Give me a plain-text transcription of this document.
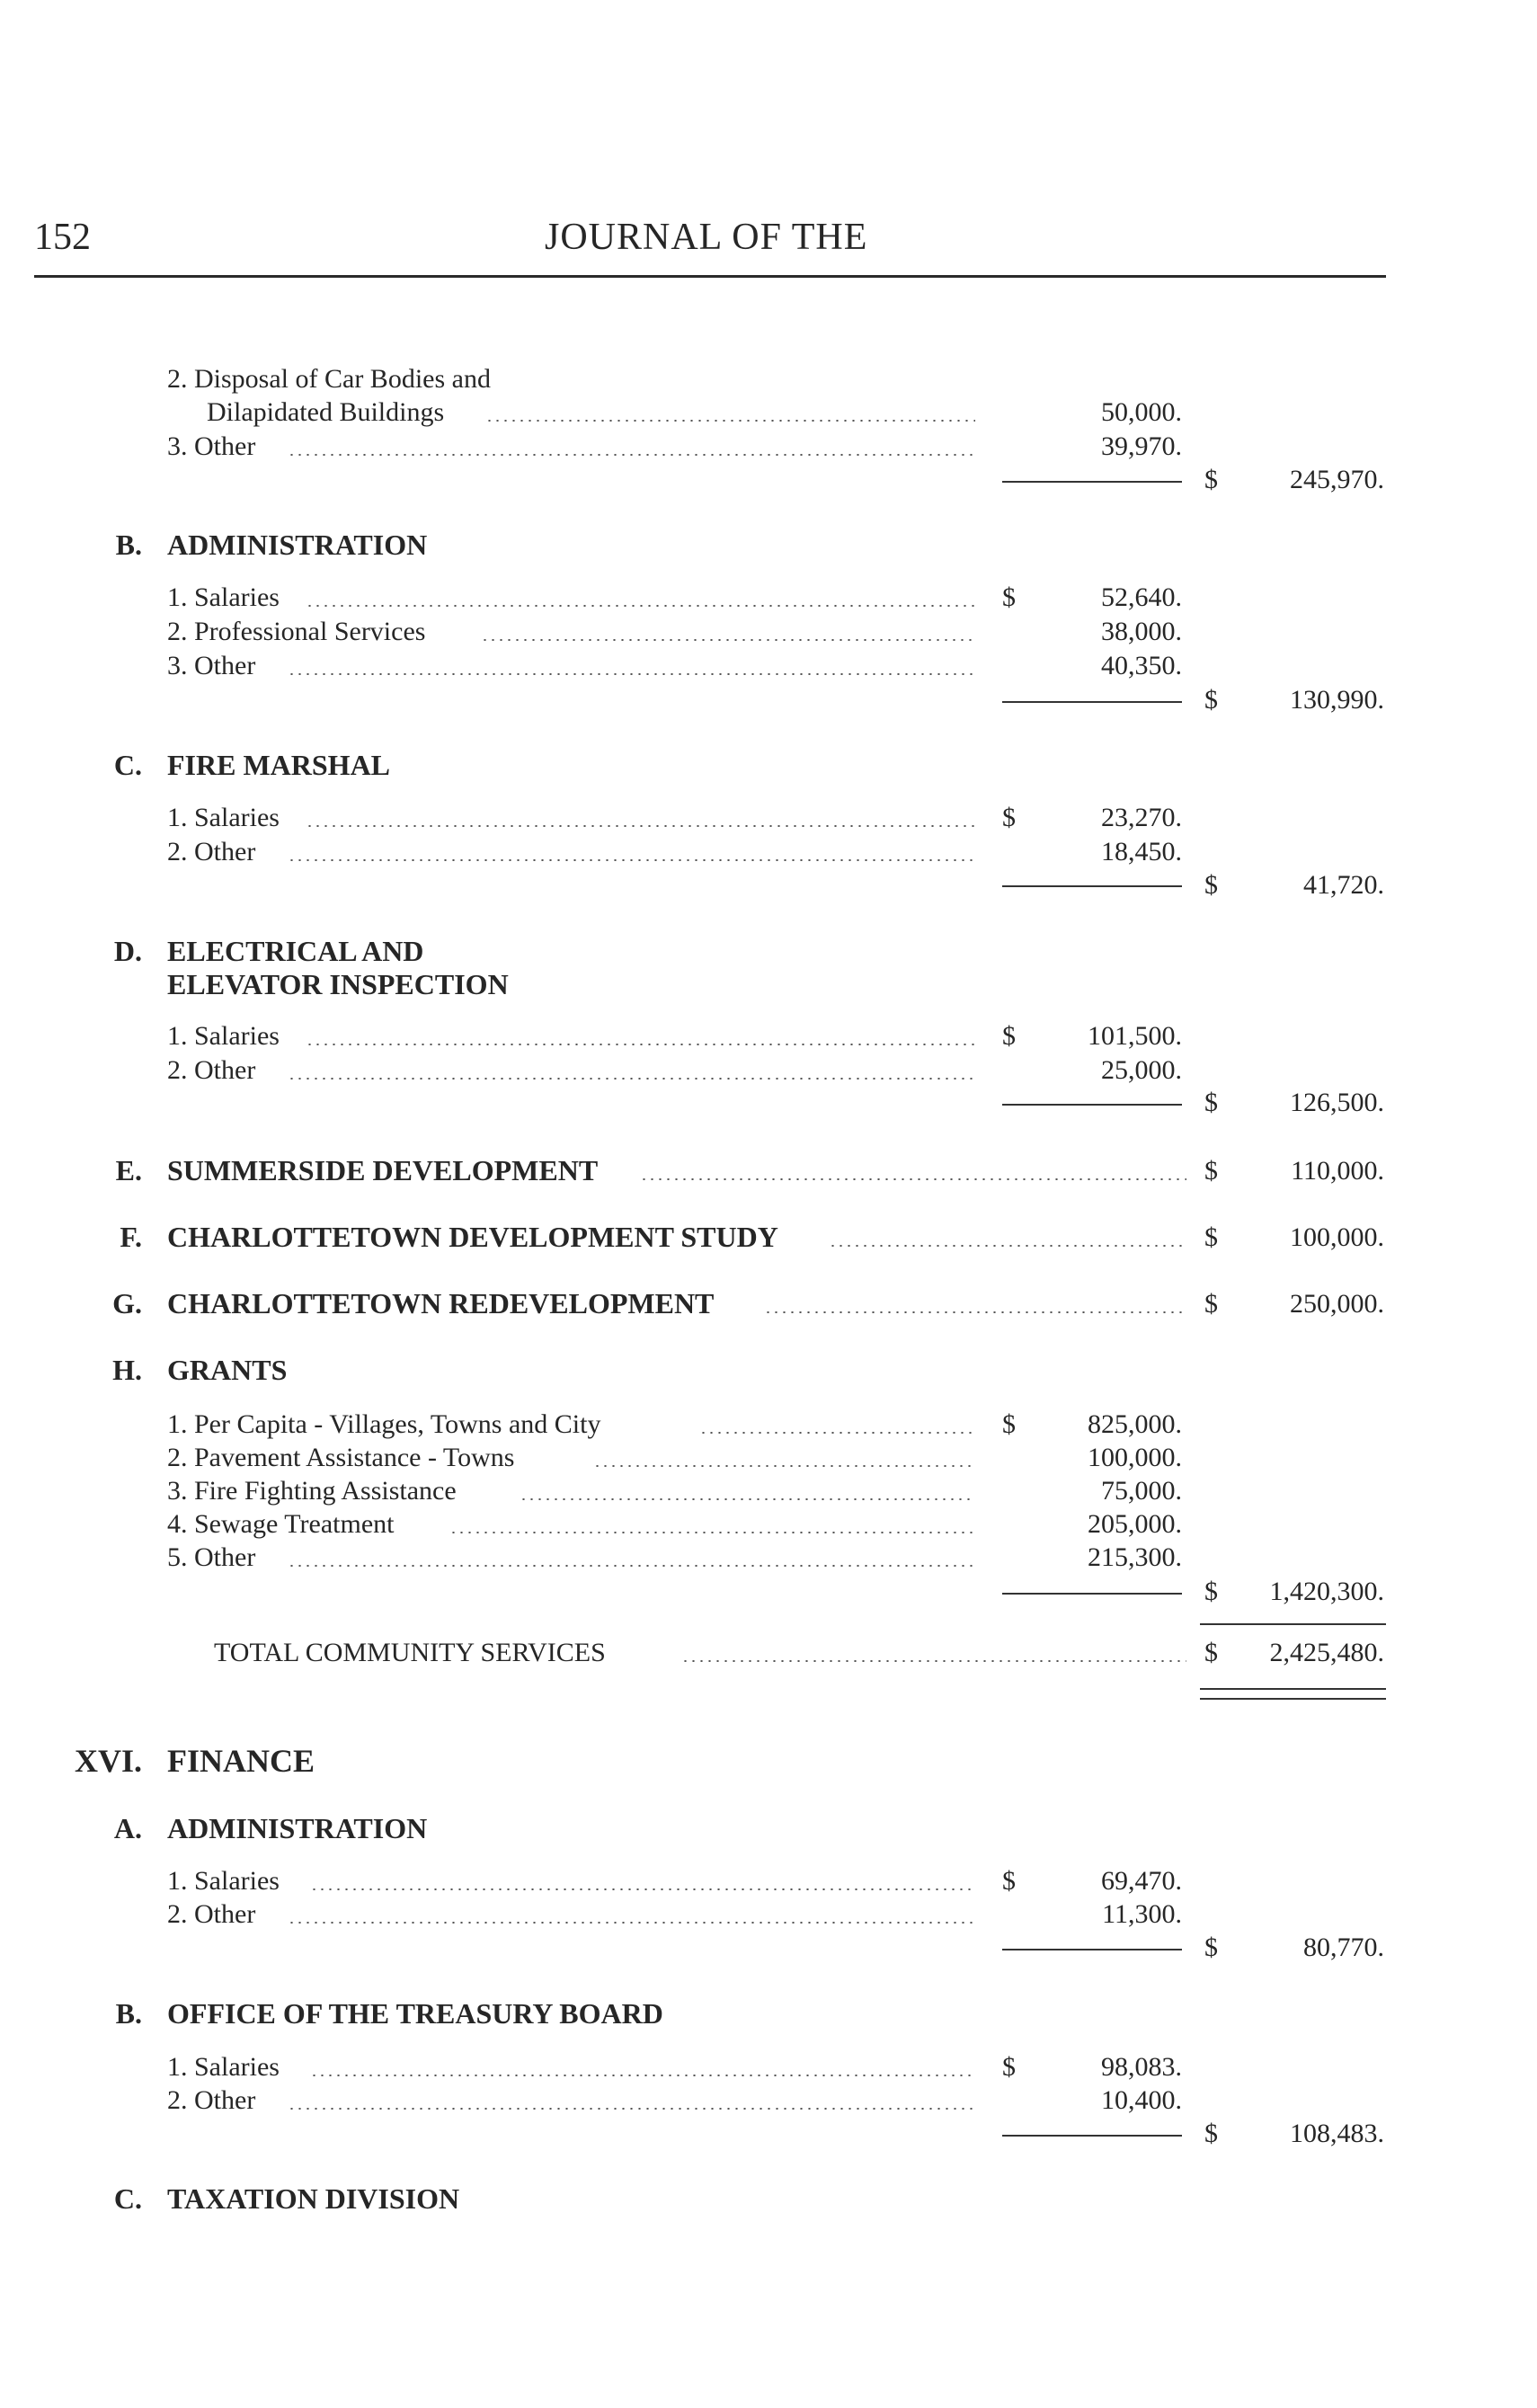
152	JOURNAL OF THE
2. Disposal of Car Bodies and
Dilapidated Buildings	50,000.
3. Other	39,970.
$	245,970.
B. ADMINISTRATION
1. Salaries	$	52,640.
2. Professional Services	38,000.
3. Other	40,350.
$	130,990.
C. FIRE MARSHAL
1. Salaries	$	23,270.
2. Other	18,450.
$	41,720.
D. ELECTRICAL AND
ELEVATOR INSPECTION
1. Salaries	$	101,500.
2. Other	25,000.
$	126,500.
E. SUMMERSIDE DEVELOPMENT	$	110,000.
F. CHARLOTTETOWN DEVELOPMENT STUDY	$	100,000.
G. CHARLOTTETOWN REDEVELOPMENT	$	250,000.
H. GRANTS
1. Per Capita - Villages, Towns and City	$	825,000.
2. Pavement Assistance - Towns	100,000.
3. Fire Fighting Assistance	75,000.
4. Sewage Treatment	205,000.
5. Other	215,300.
$ 1,420,300.
TOTAL COMMUNITY SERVICES	$ 2,425,480.
XVI. FINANCE
A. ADMINISTRATION
1. Salaries	$	69,470.
2. Other	11,300.
$	80,770.
B. OFFICE OF THE TREASURY BOARD
1. Salaries	$	98,083.
2. Other	10,400.
$	108,483.
C. TAXATION DIVISION
